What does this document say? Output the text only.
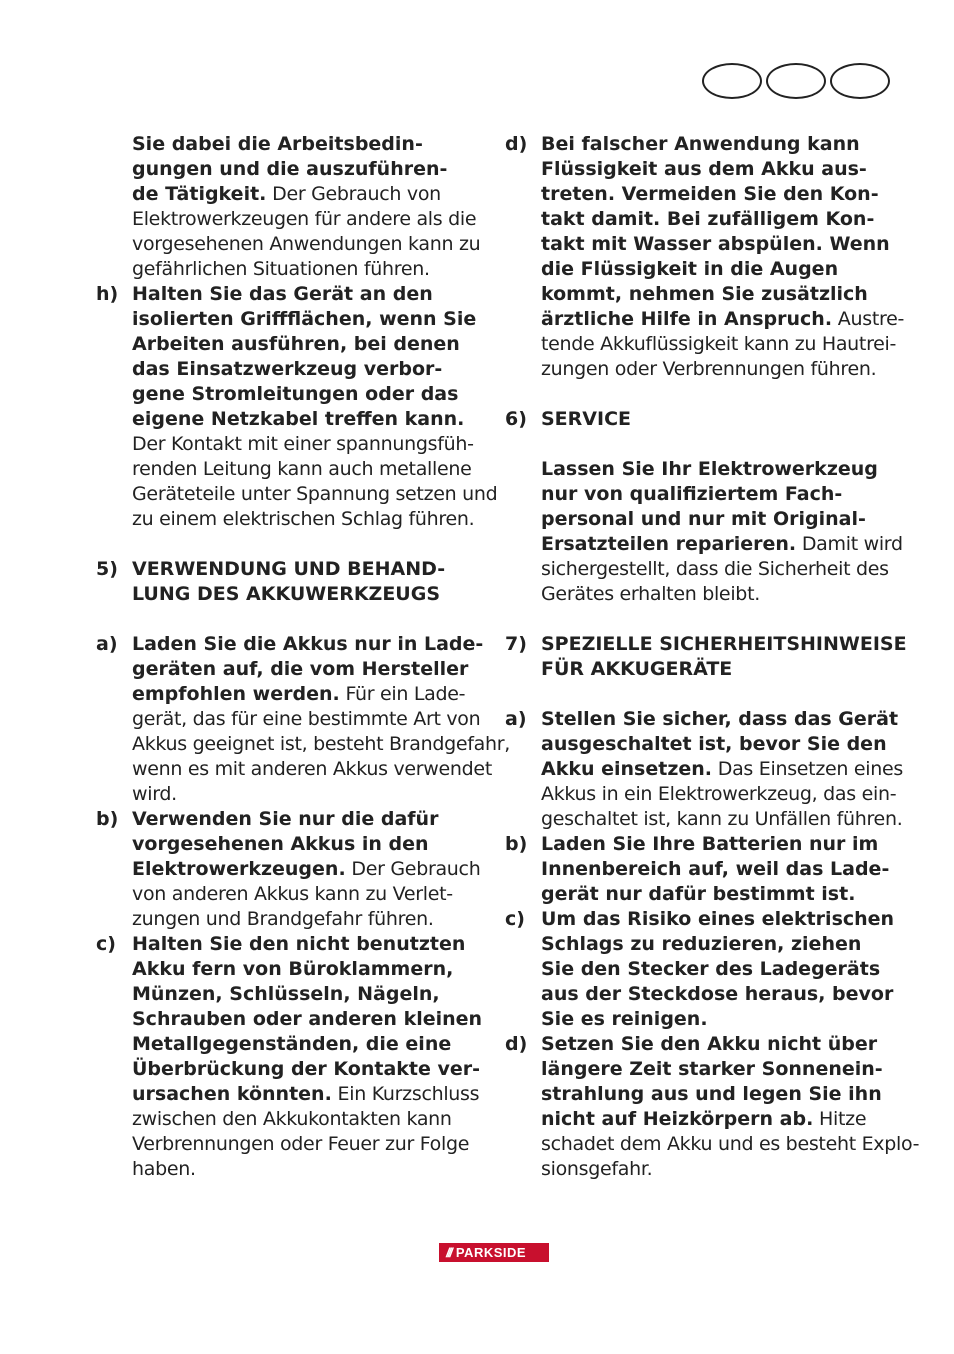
Sie dabei die Arbeitsbedin-
gungen und die auszuführen-
de Tätigkeit. Der Gebrauch von
Elektrowerkzeugen für andere als die
vorgesehenen Anwendungen kann zu
gefährlichen Situationen führen.
h) Halten Sie das Gerät an den
isolierten Griffflächen, wenn Sie
Arbeiten ausführen, bei denen
das Einsatzwerkzeug verbor-
gene Stromleitungen oder das
eigene Netzkabel treffen kann.
Der Kontakt mit einer spannungsfüh-
renden Leitung kann auch metallene
Geräteteile unter Spannung setzen und
zu einem elektrischen Schlag führen.
5) VERWENDUNG UND BEHAND-
LUNG DES AKKUWERKZEUGS
a) Laden Sie die Akkus nur in Lade-
geräten auf, die vom Hersteller
empfohlen werden. Für ein Lade-
gerät, das für eine bestimmte Art von
Akkus geeignet ist, besteht Brandgefahr,
wenn es mit anderen Akkus verwendet
wird.
b) Verwenden Sie nur die dafür
vorgesehenen Akkus in den
Elektrowerkzeugen. Der Gebrauch
von anderen Akkus kann zu Verlet-
zungen und Brandgefahr führen.
c) Halten Sie den nicht benutzten
Akku fern von Büroklammern,
Münzen, Schlüsseln, Nägeln,
Schrauben oder anderen kleinen
Metallgegenständen, die eine
Überbrückung der Kontakte ver-
ursachen könnten. Ein Kurzschluss
zwischen den Akkukontakten kann
Verbrennungen oder Feuer zur Folge
haben.
d) Bei falscher Anwendung kann
Flüssigkeit aus dem Akku aus-
treten. Vermeiden Sie den Kon-
takt damit. Bei zufälligem Kon-
takt mit Wasser abspülen. Wenn
die Flüssigkeit in die Augen
kommt, nehmen Sie zusätzlich
ärztliche Hilfe in Anspruch. Austre-
tende Akkuflüssigkeit kann zu Hautrei-
zungen oder Verbrennungen führen.
6) SERVICE
Lassen Sie Ihr Elektrowerkzeug
nur von qualifiziertem Fach-
personal und nur mit Original-
Ersatzteilen reparieren. Damit wird
sichergestellt, dass die Sicherheit des
Gerätes erhalten bleibt.
7) SPEZIELLE SICHERHEITSHINWEISE
FÜR AKKUGERÄTE
a) Stellen Sie sicher, dass das Gerät
ausgeschaltet ist, bevor Sie den
Akku einsetzen. Das Einsetzen eines
Akkus in ein Elektrowerkzeug, das ein-
geschaltet ist, kann zu Unfällen führen.
b) Laden Sie Ihre Batterien nur im
Innenbereich auf, weil das Lade-
gerät nur dafür bestimmt ist.
c) Um das Risiko eines elektrischen
Schlags zu reduzieren, ziehen
Sie den Stecker des Ladegeräts
aus der Steckdose heraus, bevor
Sie es reinigen.
d) Setzen Sie den Akku nicht über
längere Zeit starker Sonnenein-
strahlung aus und legen Sie ihn
nicht auf Heizkörpern ab. Hitze
schadet dem Akku und es besteht Explo-
sionsgefahr.
/// PARKSIDE
